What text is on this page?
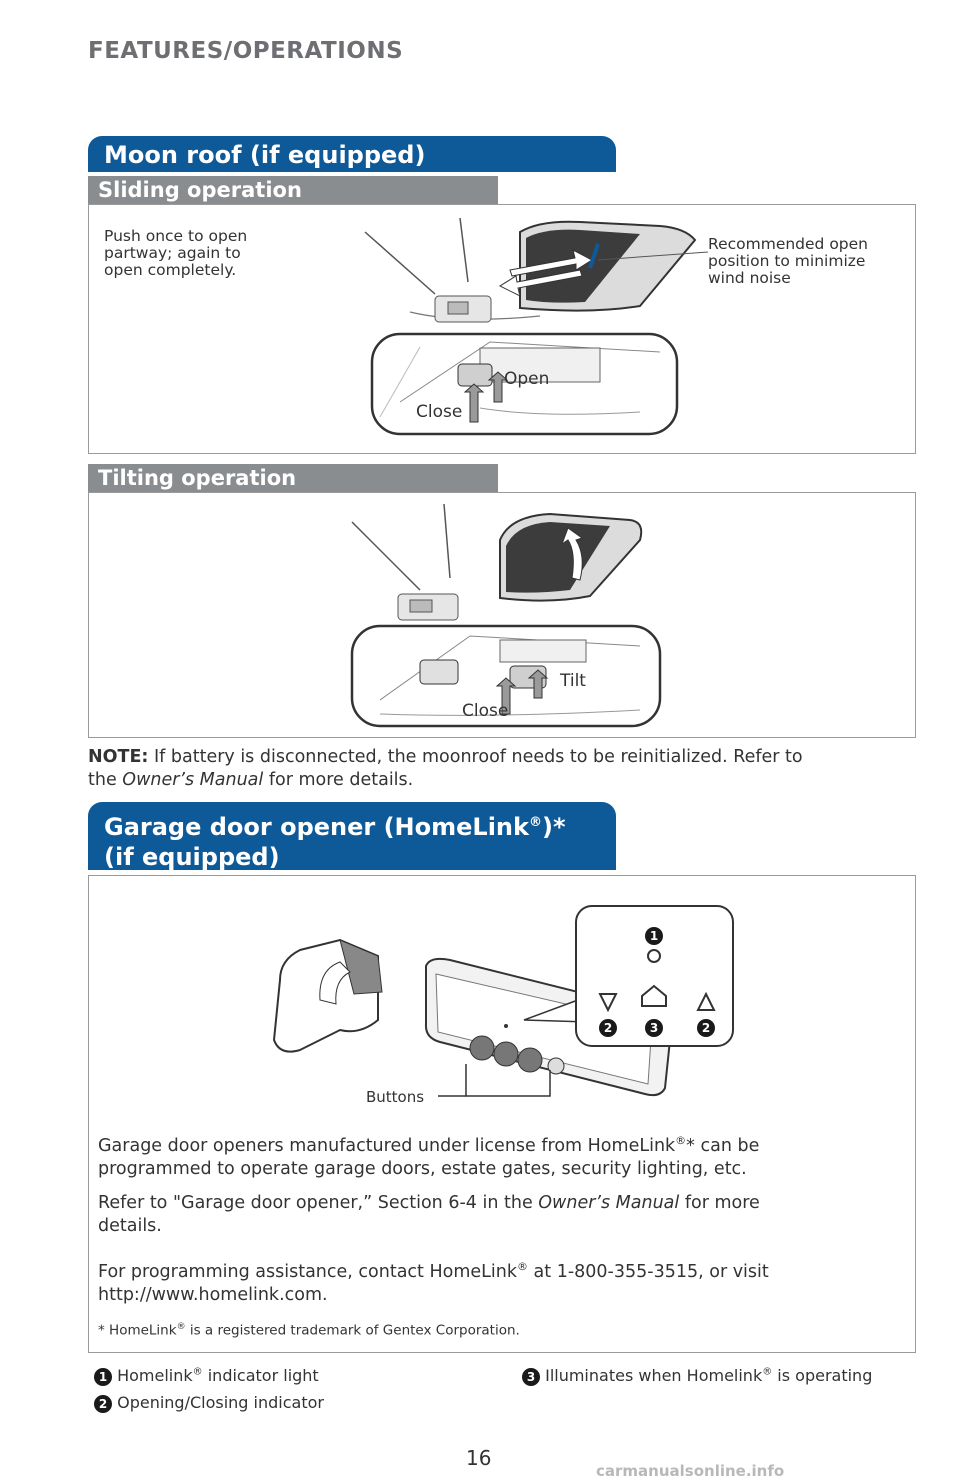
FEATURES/OPERATIONS
Moon roof (if equipped)
Sliding operation
Push once to open
partway; again to
open completely.
Recommended open
position to minimize
wind noise
Open
Close
Tilting operation
Tilt
Close
NOTE: If battery is disconnected, the moonroof needs to be reinitialized. Refer to
the Owner’s Manual for more details.
Garage door opener (HomeLink®)*
(if equipped)
1
2	3	2
Buttons
Garage door openers manufactured under license from HomeLink®* can be
programmed to operate garage doors, estate gates, security lighting, etc.
Refer to "Garage door opener,” Section 6-4 in the Owner’s Manual for more
details.
For programming assistance, contact HomeLink® at 1-800-355-3515, or visit
http://www.homelink.com.
* HomeLink® is a registered trademark of Gentex Corporation.
1 Homelink® indicator light
2 Opening/Closing indicator
3 Illuminates when Homelink® is operating
16
carmanualsonline.info
